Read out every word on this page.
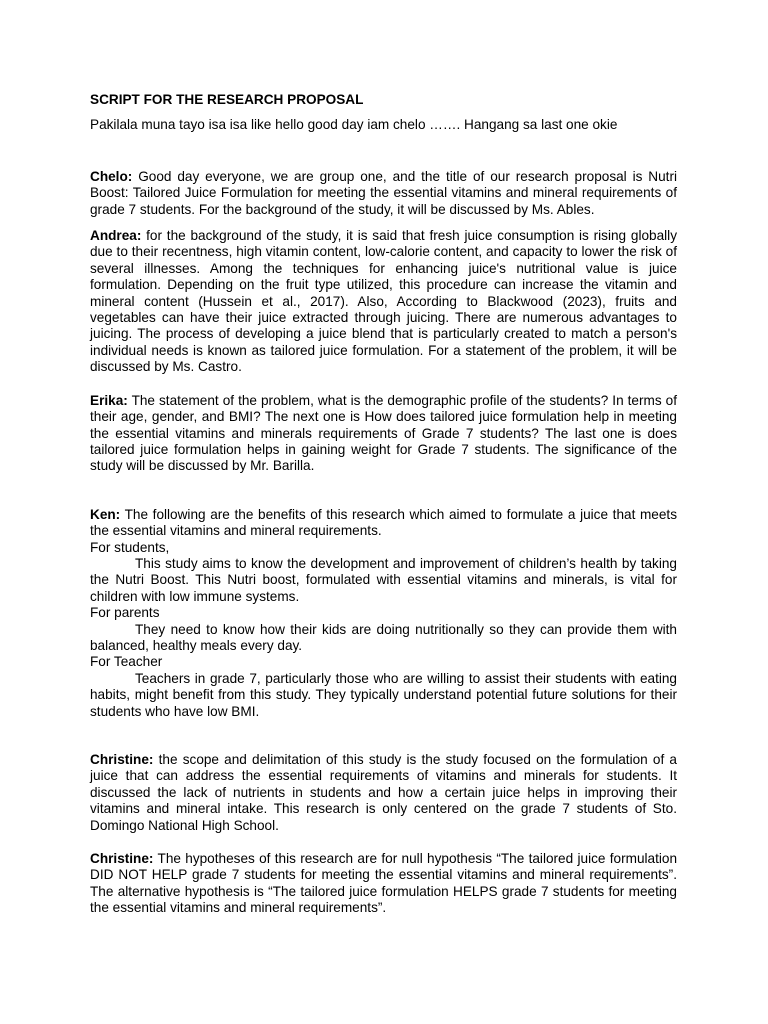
SCRIPT FOR THE RESEARCH PROPOSAL
Pakilala muna tayo isa isa like hello good day iam chelo ……. Hangang sa last one okie

Chelo: Good day everyone, we are group one, and the title of our research proposal is Nutri Boost: Tailored Juice Formulation for meeting the essential vitamins and mineral requirements of grade 7 students. For the background of the study, it will be discussed by Ms. Ables.

Andrea: for the background of the study, it is said that fresh juice consumption is rising globally due to their recentness, high vitamin content, low-calorie content, and capacity to lower the risk of several illnesses. Among the techniques for enhancing juice's nutritional value is juice formulation. Depending on the fruit type utilized, this procedure can increase the vitamin and mineral content (Hussein et al., 2017). Also, According to Blackwood (2023), fruits and vegetables can have their juice extracted through juicing. There are numerous advantages to juicing. The process of developing a juice blend that is particularly created to match a person's individual needs is known as tailored juice formulation. For a statement of the problem, it will be discussed by Ms. Castro.

Erika: The statement of the problem, what is the demographic profile of the students? In terms of their age, gender, and BMI? The next one is How does tailored juice formulation help in meeting the essential vitamins and minerals requirements of Grade 7 students? The last one is does tailored juice formulation helps in gaining weight for Grade 7 students. The significance of the study will be discussed by Mr. Barilla.

Ken: The following are the benefits of this research which aimed to formulate a juice that meets the essential vitamins and mineral requirements.

For students,

This study aims to know the development and improvement of children’s health by taking the Nutri Boost. This Nutri boost, formulated with essential vitamins and minerals, is vital for children with low immune systems.

For parents

They need to know how their kids are doing nutritionally so they can provide them with balanced, healthy meals every day.

For Teacher

Teachers in grade 7, particularly those who are willing to assist their students with eating habits, might benefit from this study. They typically understand potential future solutions for their students who have low BMI.

Christine: the scope and delimitation of this study is the study focused on the formulation of a juice that can address the essential requirements of vitamins and minerals for students. It discussed the lack of nutrients in students and how a certain juice helps in improving their vitamins and mineral intake. This research is only centered on the grade 7 students of Sto. Domingo National High School.

Christine: The hypotheses of this research are for null hypothesis “The tailored juice formulation DID NOT HELP grade 7 students for meeting the essential vitamins and mineral requirements”. The alternative hypothesis is “The tailored juice formulation HELPS grade 7 students for meeting the essential vitamins and mineral requirements”.
